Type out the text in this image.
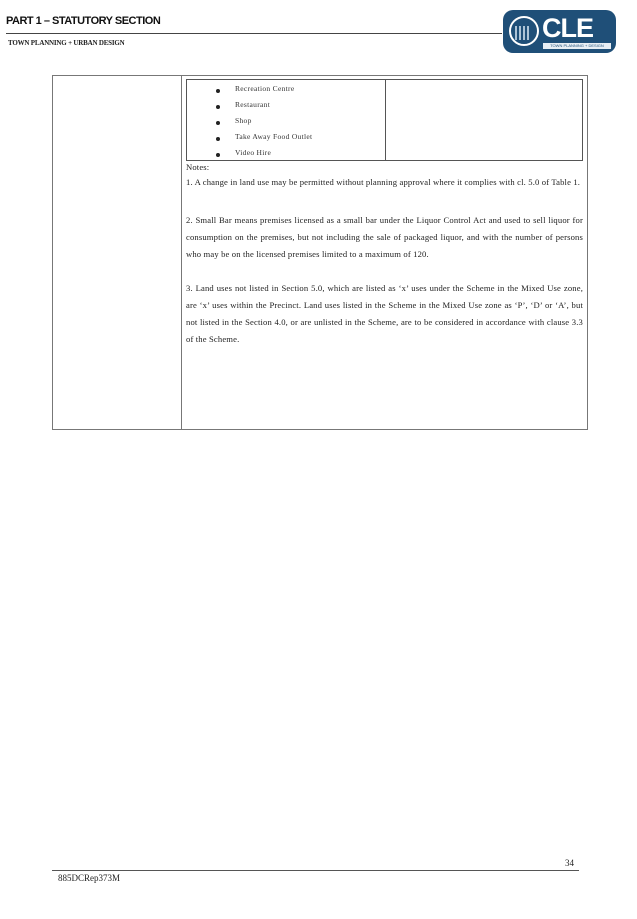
PART 1 – STATUTORY SECTION
TOWN PLANNING + URBAN DESIGN	CLE
TOWN PLANNING + DESIGN
Recreation Centre
Restaurant
Shop
Take Away Food Outlet
Video Hire
Notes:

1. A change in land use may be permitted without planning approval where it complies with cl. 5.0 of Table 1.

2. Small Bar means premises licensed as a small bar under the Liquor Control Act and used to sell liquor for consumption on the premises, but not including the sale of packaged liquor, and with the number of persons who may be on the licensed premises limited to a maximum of 120.

3. Land uses not listed in Section 5.0, which are listed as ‘x’ uses under the Scheme in the Mixed Use zone, are ‘x’ uses within the Precinct. Land uses listed in the Scheme in the Mixed Use zone as ‘P’, ‘D’ or ‘A’, but not listed in the Section 4.0, or are unlisted in the Scheme, are to be considered in accordance with clause 3.3 of the Scheme.

34
885DCRep373M
